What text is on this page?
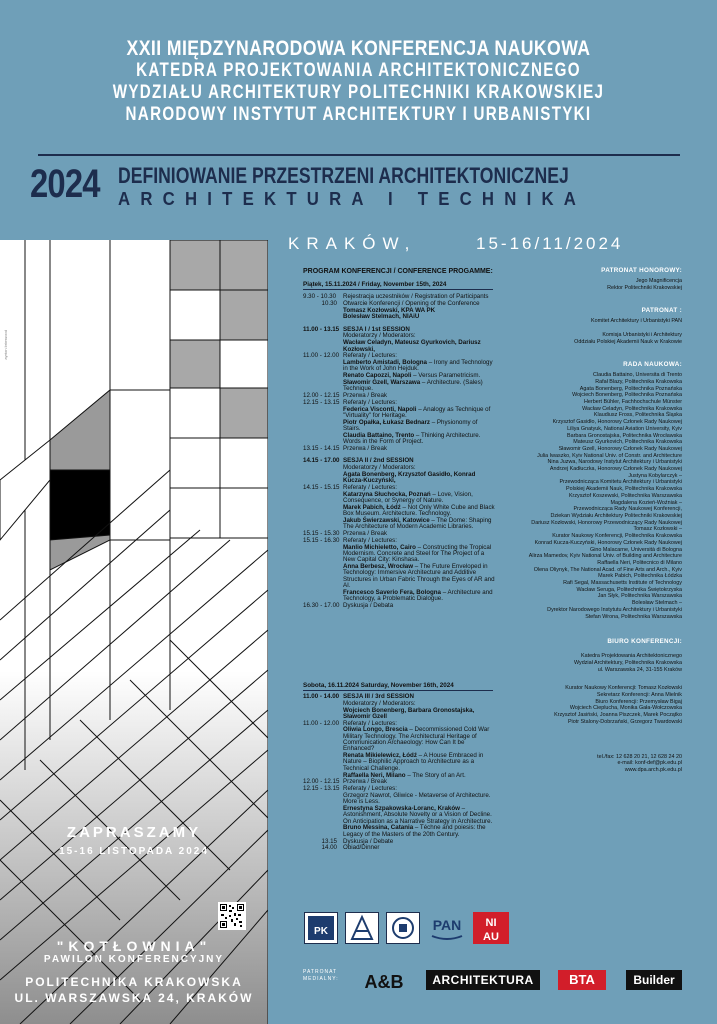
XXII MIĘDZYNARODOWA KONFERENCJA NAUKOWA
KATEDRA PROJEKTOWANIA ARCHITEKTONICZNEGO
WYDZIAŁU ARCHITEKTURY POLITECHNIKI KRAKOWSKIEJ
NARODOWY INSTYTUT ARCHITEKTURY I URBANISTYKI
2024 DEFINIOWANIE PRZESTRZENI ARCHITEKTONICZNEJ
ARCHITEKTURA I TECHNIKA
ayrton brimwood
ZAPRASZAMY
15-16 LISTOPADA 2024
"KOTŁOWNIA"
PAWILON KONFERENCYJNY
POLITECHNIKA KRAKOWSKA
UL. WARSZAWSKA 24, KRAKÓW
KRAKÓW,	15-16/11/2024
PROGRAM KONFERENCJI / CONFERENCE PROGAMME:
Piątek, 15.11.2024 / Friday, November 15th, 2024
9.30 - 10.30	Rejestracja uczestników / Registration of Participants
10.30 Otwarcie Konferencji / Opening of the Conference
Tomasz Kozłowski, KPA WA PK
Bolesław Stelmach, NIAiU
11.00 - 13.15 SESJA I / 1st SESSION
Moderatorzy / Moderators:
Wacław Celadyn, Mateusz Gyurkovich, Dariusz Kozłowski,
11.00 - 12.00 Referaty / Lectures:
Lamberto Amistadi, Bologna – Irony and Technology in the Work of John Hejduk.
Renato Capozzi, Napoli – Versus Parametricism.
Sławomir Gzell, Warszawa – Architecture. (Sales) Technique.
12.00 - 12.15 Przerwa / Break
12.15 - 13.15 Referaty / Lectures:
Federica Visconti, Napoli – Analogy as Technique of "Virtuality" for Heritage.
Piotr Opałka, Łukasz Bednarz – Physionomy of Stairs.
Claudia Battaino, Trento – Thinking Architecture. Words in the Form of Project.
13.15 - 14.15 Przerwa / Break
14.15 - 17.00 SESJA II / 2nd SESSION
Moderatorzy / Moderators:
Agata Bonenberg, Krzysztof Gasidło, Konrad Kucza-Kuczyński,
14.15 - 15.15 Referaty / Lectures:
Katarzyna Słuchocka, Poznań – Love, Vision, Consequence, or Synergy of Nature.
Marek Pabich, Łódź – Not Only White Cube and Black Box Museum. Architecture. Technology.
Jakub Świerzawski, Katowice – The Dome: Shaping The Architecture of Modern Academic Libraries.
15.15 - 15.30 Przerwa / Break
15.15 - 16.30 Referaty / Lectures:
Manlio Michieletto, Cairo – Constructing the Tropical Modernism. Concrete and Steel for The Project of a New Capital City: Kinshasa.
Anna Berbesz, Wrocław – The Future Enveloped in Technology: Immersive Architecture and Additive Structures in Urban Fabric Through the Eyes of AR and AI.
Francesco Saverio Fera, Bologna – Architecture and Technology, a Problematic Dialogue.
16.30 - 17.00 Dyskusja / Debata
Sobota, 16.11.2024 Saturday, November 16th, 2024
11.00 - 14.00 SESJA III / 3rd SESSION
Moderatorzy / Moderators:
Wojciech Bonenberg, Barbara Gronostajska, Sławomir Gzell
11.00 - 12.00 Referaty / Lectures:
Oliwia Longo, Brescia – Decommissioned Cold War Military Technology. The Architectural Heritage of Communication Archaeology: How Can It be Enhanced?
Renata Mikielewicz, Łódź – A House Embraced in Nature – Biophilic Approach to Architecture as a Technical Challenge.
Raffaella Neri, Milano – The Story of an Art.
12.00 - 12.15 Przerwa / Break
12.15 - 13.15 Referaty / Lectures:
Grzegorz Nawrot, Gliwice - Metaverse of Architecture. More is Less.
Ernestyna Szpakowska-Loranc, Kraków – Astonishment, Absolute Novelty or a Vision of Decline. On Anticipation as a Narrative Strategy in Architecture.
Bruno Messina, Catania – Téchne and poiesis: the Legacy of the Masters of the 20th Century.
13.15 Dyskusja / Debate
14.00 Obiad/Dinner
PATRONAT HONOROWY:
Jego Magnificencja
Rektor Politechniki Krakowskiej
PATRONAT :
Komitet Architektury i Urbanistyki PAN

Komisja Urbanistyki i Architektury
Oddziału Polskiej Akademii Nauk w Krakowie
RADA NAUKOWA:
Claudia Battaino, Universita di Trento
Rafał Blazy, Politechnika Krakowska
Agata Bonenberg, Politechnika Poznańska
Wojciech Bonenberg, Politechnika Poznańska
Herbert Bühler, Fachhochschule Münster
Wacław Celadyn, Politechnika Krakowska
Klaudiusz Fross, Politechnika Śląska
Krzysztof Gasidło, Honorowy Członek Rady Naukowej
Liliya Gnatyuk, National Aviation University, Kyiv
Barbara Gronostajska, Politechnika Wrocławska
Mateusz Gyurkovich, Politechnika Krakowska
Sławomir Gzell, Honorowy Członek Rady Naukowej
Julia Iwaszko, Kyiv National Univ. of Constr. and Architecture
Nina Juzwa, Narodowy Instytut Architektury i Urbanistyki
Andrzej Kadłuczka, Honorowy Członek Rady Naukowej
Justyna Kobylarczyk –
Przewodnicząca Komitetu Architektury i Urbanistyki
Polskiej Akademii Nauk, Politechnika Krakowska
Krzysztof Koszewski, Politechnika Warszawska
Magdalena Kozień-Woźniak –
Przewodnicząca Rady Naukowej Konferencji,
Dziekan Wydziału Architektury Politechniki Krakowskiej
Dariusz Kozłowski, Honorowy Przewodniczący Rady Naukowej
Tomasz Kozłowski –
Kurator Naukowy Konferencji, Politechnika Krakowska
Konrad Kucza-Kuczyński, Honorowy Członek Rady Naukowej
Gino Malacarne, Università di Bologna
Alirza Mamedov, Kyiv National Univ. of Building and Architecture
Raffaella Neri, Politecnico di Milano
Olena Oliynyk, The National Acad. of Fine Arts and Arch., Kyiv
Marek Pabich, Politechnika Łódzka
Rafi Segal, Massachusetts Institute of Technology
Wacław Seruga, Politechnika Świętokrzyska
Jan Słyk, Politechnika Warszawska
Bolesław Stelmach –
Dyrektor Narodowego Instytutu Architektury i Urbanistyki
Stefan Wrona, Politechnika Warszawska
BIURO KONFERENCJI:
Katedra Projektowania Architektonicznego
Wydział Architektury, Politechnika Krakowska
ul. Warszawska 24, 31-155 Kraków
Kurator Naukowy Konferencji: Tomasz Kozłowski
Sekretarz Konferencji: Anna Mielnik
Biuro Konferencji: Przemysław Bigaj
Wojciech Cieplucha, Monika Gała-Wołczowska
Krzysztof Jasiński, Joanna Piszczek, Marek Początko
Piotr Stalony-Dobrzański, Grzegorz Twardowski
tel./fax: 12 628 20 21, 12 628 24 20
e-mail: konf-def@pk.edu.pl
www.dpa.arch.pk.edu.pl
PK	PAN NI
AU
PATRONAT
MEDIALNY: A&B	ARCHITEKTURA	BTA	Builder
